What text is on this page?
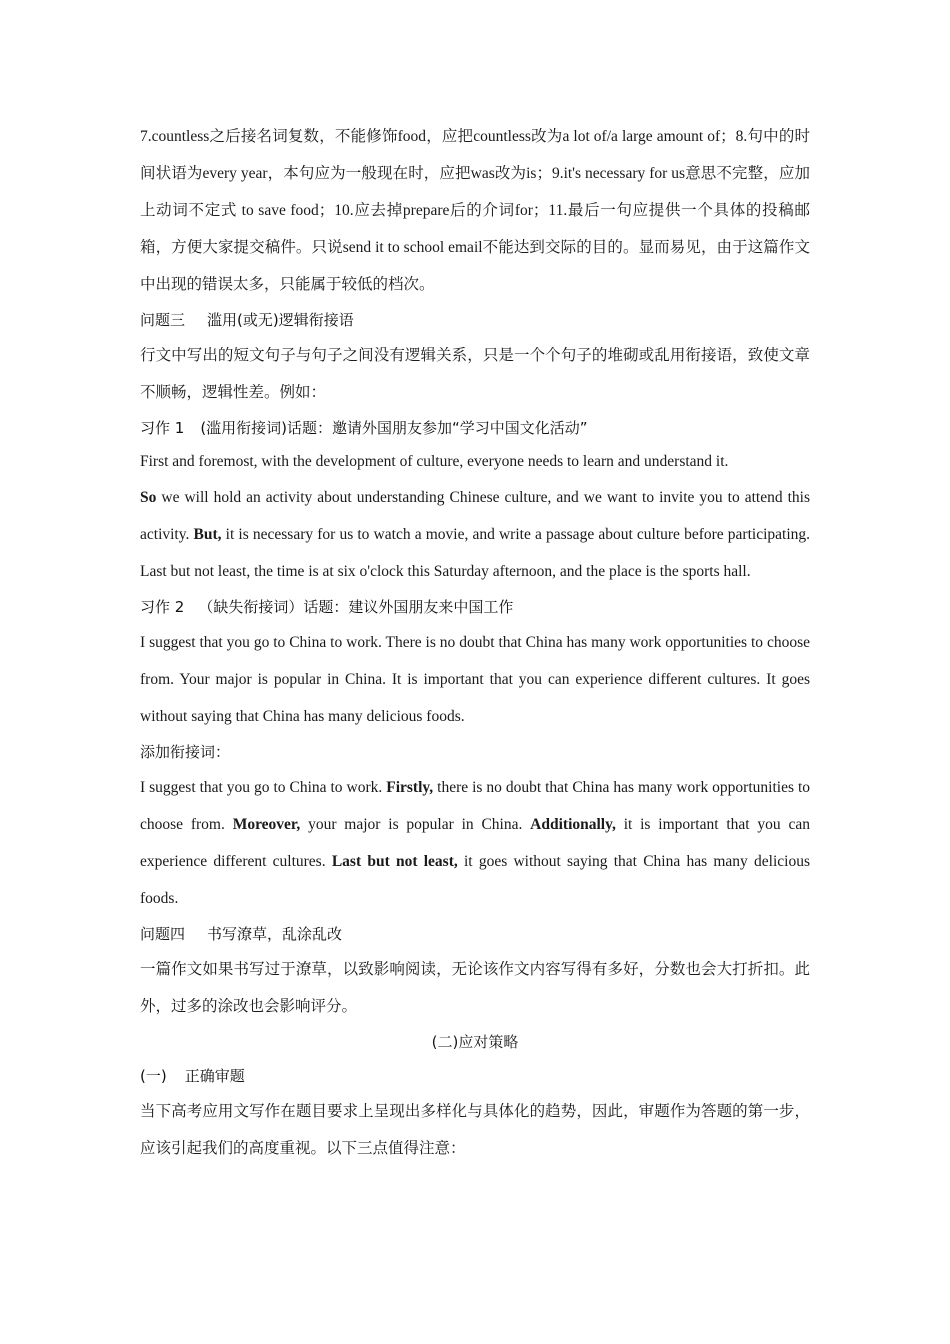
7.countless之后接名词复数，不能修饰food，应把countless改为a lot of/a large amount of；8.句中的时间状语为every year，本句应为一般现在时，应把was改为is；9.it's necessary for us意思不完整，应加上动词不定式 to save food；10.应去掉prepare后的介词for；11.最后一句应提供一个具体的投稿邮箱，方便大家提交稿件。只说send it to school email不能达到交际的目的。显而易见，由于这篇作文中出现的错误太多，只能属于较低的档次。

问题三 滥用(或无)逻辑衔接语

行文中写出的短文句子与句子之间没有逻辑关系，只是一个个句子的堆砌或乱用衔接语，致使文章不顺畅，逻辑性差。例如：

习作 1 (滥用衔接词)话题：邀请外国朋友参加“学习中国文化活动”

First and foremost, with the development of culture, everyone needs to learn and understand it.

So we will hold an activity about understanding Chinese culture, and we want to invite you to attend this activity. But, it is necessary for us to watch a movie, and write a passage about culture before participating. Last but not least, the time is at six o'clock this Saturday afternoon, and the place is the sports hall.

习作 2 （缺失衔接词）话题：建议外国朋友来中国工作

I suggest that you go to China to work. There is no doubt that China has many work opportunities to choose from. Your major is popular in China. It is important that you can experience different cultures. It goes without saying that China has many delicious foods.

添加衔接词：

I suggest that you go to China to work. Firstly, there is no doubt that China has many work opportunities to choose from. Moreover, your major is popular in China. Additionally, it is important that you can experience different cultures. Last but not least, it goes without saying that China has many delicious foods.

问题四 书写潦草，乱涂乱改

一篇作文如果书写过于潦草，以致影响阅读，无论该作文内容写得有多好，分数也会大打折扣。此外，过多的涂改也会影响评分。

(二)应对策略

(一) 正确审题

当下高考应用文写作在题目要求上呈现出多样化与具体化的趋势，因此，审题作为答题的第一步，应该引起我们的高度重视。以下三点值得注意：
